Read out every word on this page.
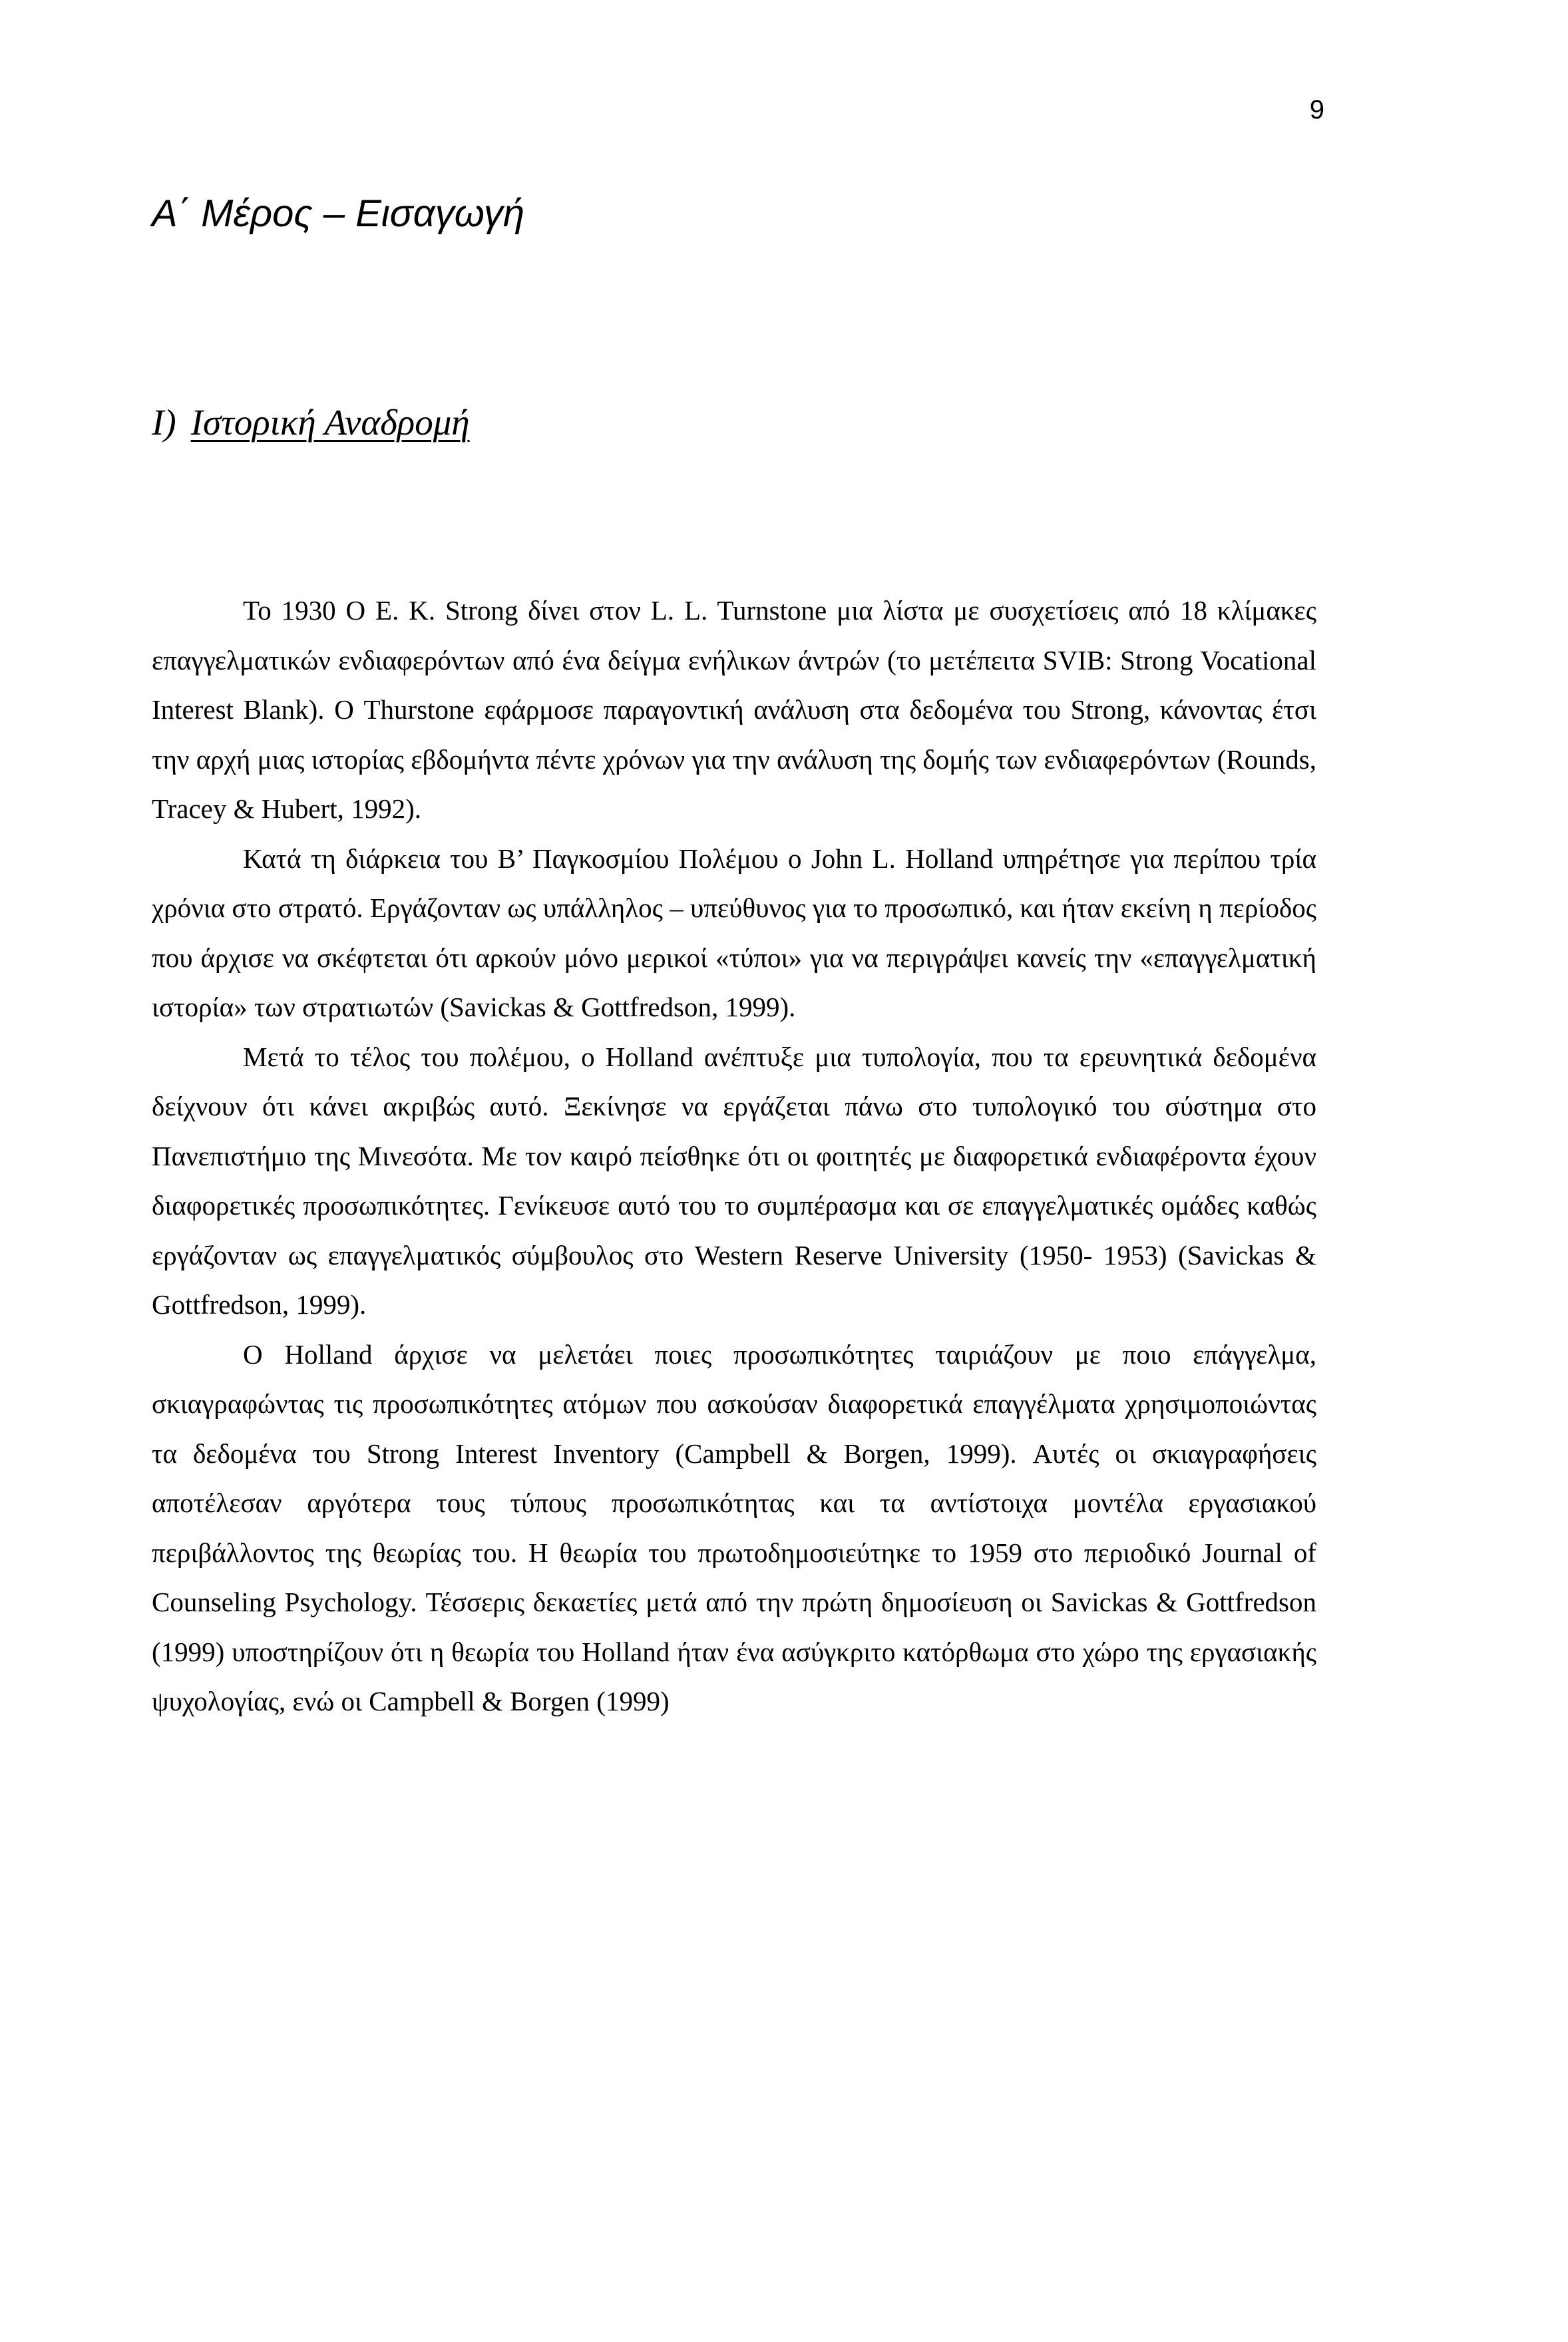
9
Α΄ Μέρος – Εισαγωγή
I) Ιστορική Αναδρομή

Το 1930 Ο Ε. Κ. Strong δίνει στον L. L. Turnstone μια λίστα με συσχετίσεις από 18 κλίμακες επαγγελματικών ενδιαφερόντων από ένα δείγμα ενήλικων άντρών (το μετέπειτα SVIB: Strong Vocational Interest Blank). Ο Thurstone εφάρμοσε παραγοντική ανάλυση στα δεδομένα του Strong, κάνοντας έτσι την αρχή μιας ιστορίας εβδομήντα πέντε χρόνων για την ανάλυση της δομής των ενδιαφερόντων (Rounds, Tracey & Hubert, 1992).

Κατά τη διάρκεια του Β’ Παγκοσμίου Πολέμου ο John L. Holland υπηρέτησε για περίπου τρία χρόνια στο στρατό. Εργάζονταν ως υπάλληλος – υπεύθυνος για το προσωπικό, και ήταν εκείνη η περίοδος που άρχισε να σκέφτεται ότι αρκούν μόνο μερικοί «τύποι» για να περιγράψει κανείς την «επαγγελματική ιστορία» των στρατιωτών (Savickas & Gottfredson, 1999).

Μετά το τέλος του πολέμου, ο Holland ανέπτυξε μια τυπολογία, που τα ερευνητικά δεδομένα δείχνουν ότι κάνει ακριβώς αυτό. Ξεκίνησε να εργάζεται πάνω στο τυπολογικό του σύστημα στο Πανεπιστήμιο της Μινεσότα. Με τον καιρό πείσθηκε ότι οι φοιτητές με διαφορετικά ενδιαφέροντα έχουν διαφορετικές προσωπικότητες. Γενίκευσε αυτό του το συμπέρασμα και σε επαγγελματικές ομάδες καθώς εργάζονταν ως επαγγελματικός σύμβουλος στο Western Reserve University (1950- 1953) (Savickas & Gottfredson, 1999).

Ο Holland άρχισε να μελετάει ποιες προσωπικότητες ταιριάζουν με ποιο επάγγελμα, σκιαγραφώντας τις προσωπικότητες ατόμων που ασκούσαν διαφορετικά επαγγέλματα χρησιμοποιώντας τα δεδομένα του Strong Interest Inventory (Campbell & Borgen, 1999). Αυτές οι σκιαγραφήσεις αποτέλεσαν αργότερα τους τύπους προσωπικότητας και τα αντίστοιχα μοντέλα εργασιακού περιβάλλοντος της θεωρίας του. Η θεωρία του πρωτοδημοσιεύτηκε το 1959 στο περιοδικό Journal of Counseling Psychology. Τέσσερις δεκαετίες μετά από την πρώτη δημοσίευση οι Savickas & Gottfredson (1999) υποστηρίζουν ότι η θεωρία του Holland ήταν ένα ασύγκριτο κατόρθωμα στο χώρο της εργασιακής ψυχολογίας, ενώ οι Campbell & Borgen (1999)
